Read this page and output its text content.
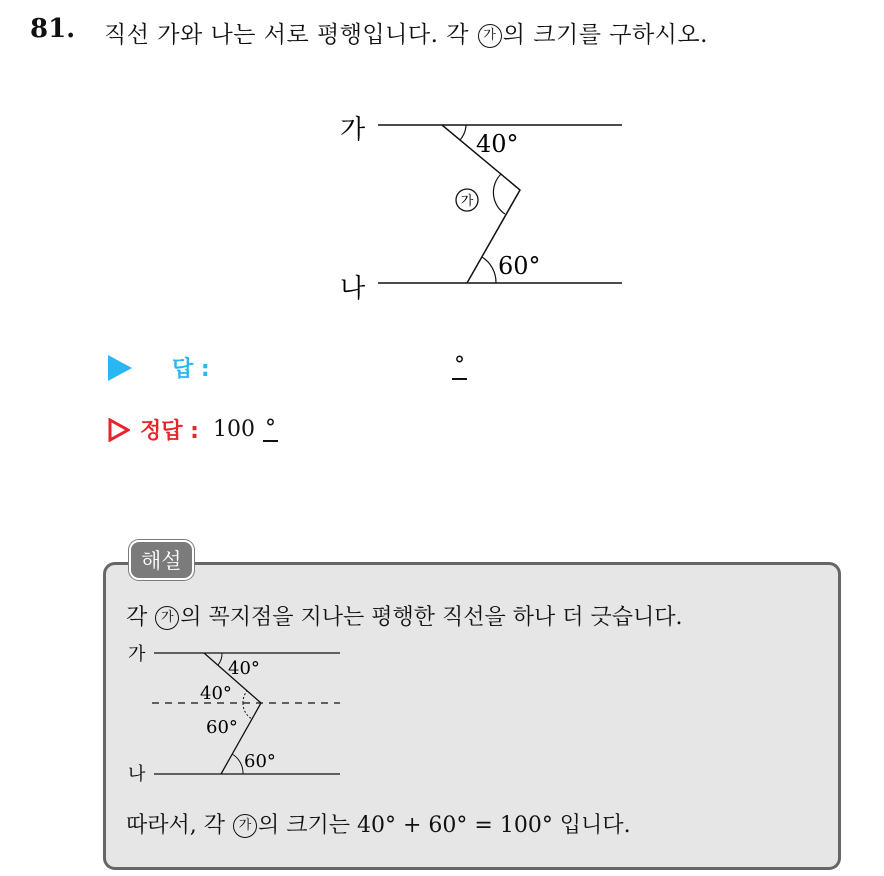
81. 직선 가와 나는 서로 평행입니다. 각 가 의 크기를 구하시오.
가
나
40°
가
60°
답 :	°
정답 : 100 °
해설
각 가 의 꼭지점을 지나는 평행한 직선을 하나 더 긋습니다.
가
나
40°
40°
60°
60°
따라서, 각 가 의 크기는 40° + 60° = 100° 입니다.
